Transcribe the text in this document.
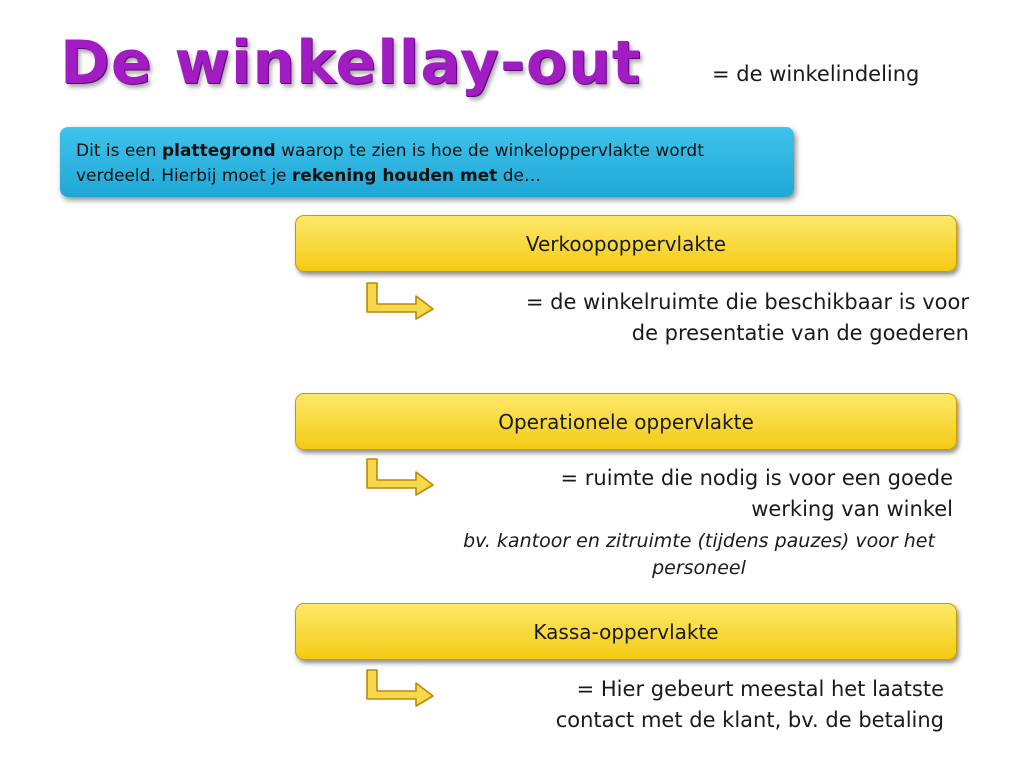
De winkellay-out	= de winkelindeling
Dit is een plattegrond waarop te zien is hoe de winkeloppervlakte wordt verdeeld. Hierbij moet je rekening houden met de…
Verkoopoppervlakte

= de winkelruimte die beschikbaar is voor

de presentatie van de goederen

Operationele oppervlakte

= ruimte die nodig is voor een goede

werking van winkel

bv. kantoor en zitruimte (tijdens pauzes) voor het
personeel
Kassa-oppervlakte

= Hier gebeurt meestal het laatste

contact met de klant, bv. de betaling
